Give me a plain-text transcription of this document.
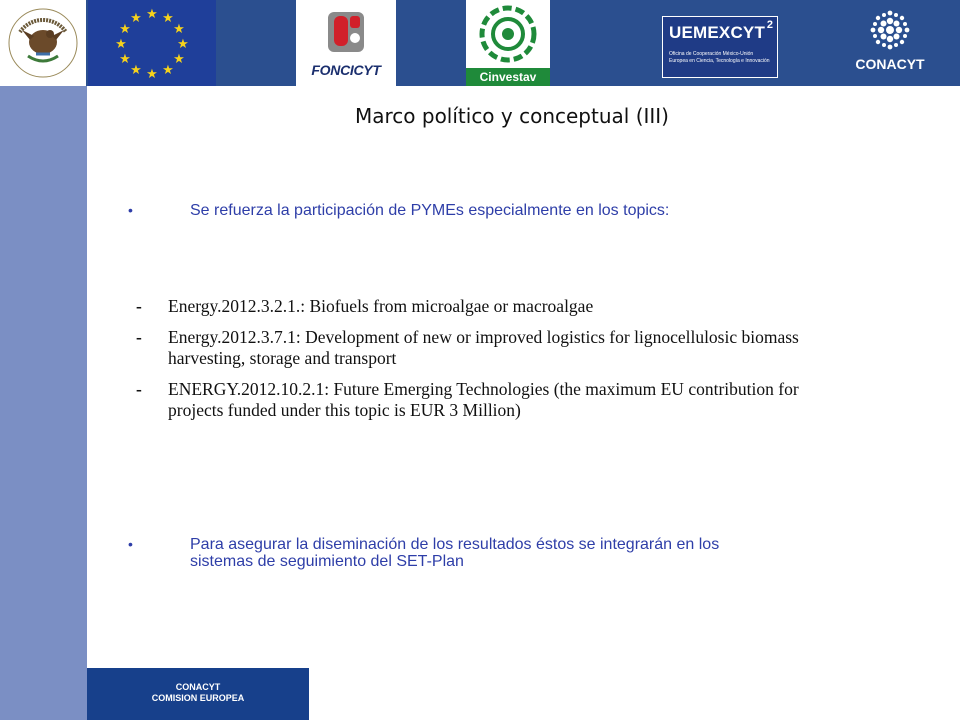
★ ★
★
★
★
★
★
★
★
★
★
★
FONCICYT	Cinvestav
UEMEXCYT 2
Oficina de Cooperación México-Unión Europea en Ciencia, Tecnología e Innovación	CONACYT
Marco político y conceptual (III)
•	Se refuerza la participación de PYMEs especialmente en los topics:
- Energy.2012.3.2.1.: Biofuels from microalgae or macroalgae
- Energy.2012.3.7.1: Development of new or improved logistics for lignocellulosic biomass
harvesting, storage and transport
- ENERGY.2012.10.2.1: Future Emerging Technologies (the maximum EU contribution for
projects funded under this topic is EUR 3 Million)
•	Para asegurar la diseminación de los resultados éstos se integrarán en los
sistemas de seguimiento del SET-Plan
CONACYT
COMISION EUROPEA
